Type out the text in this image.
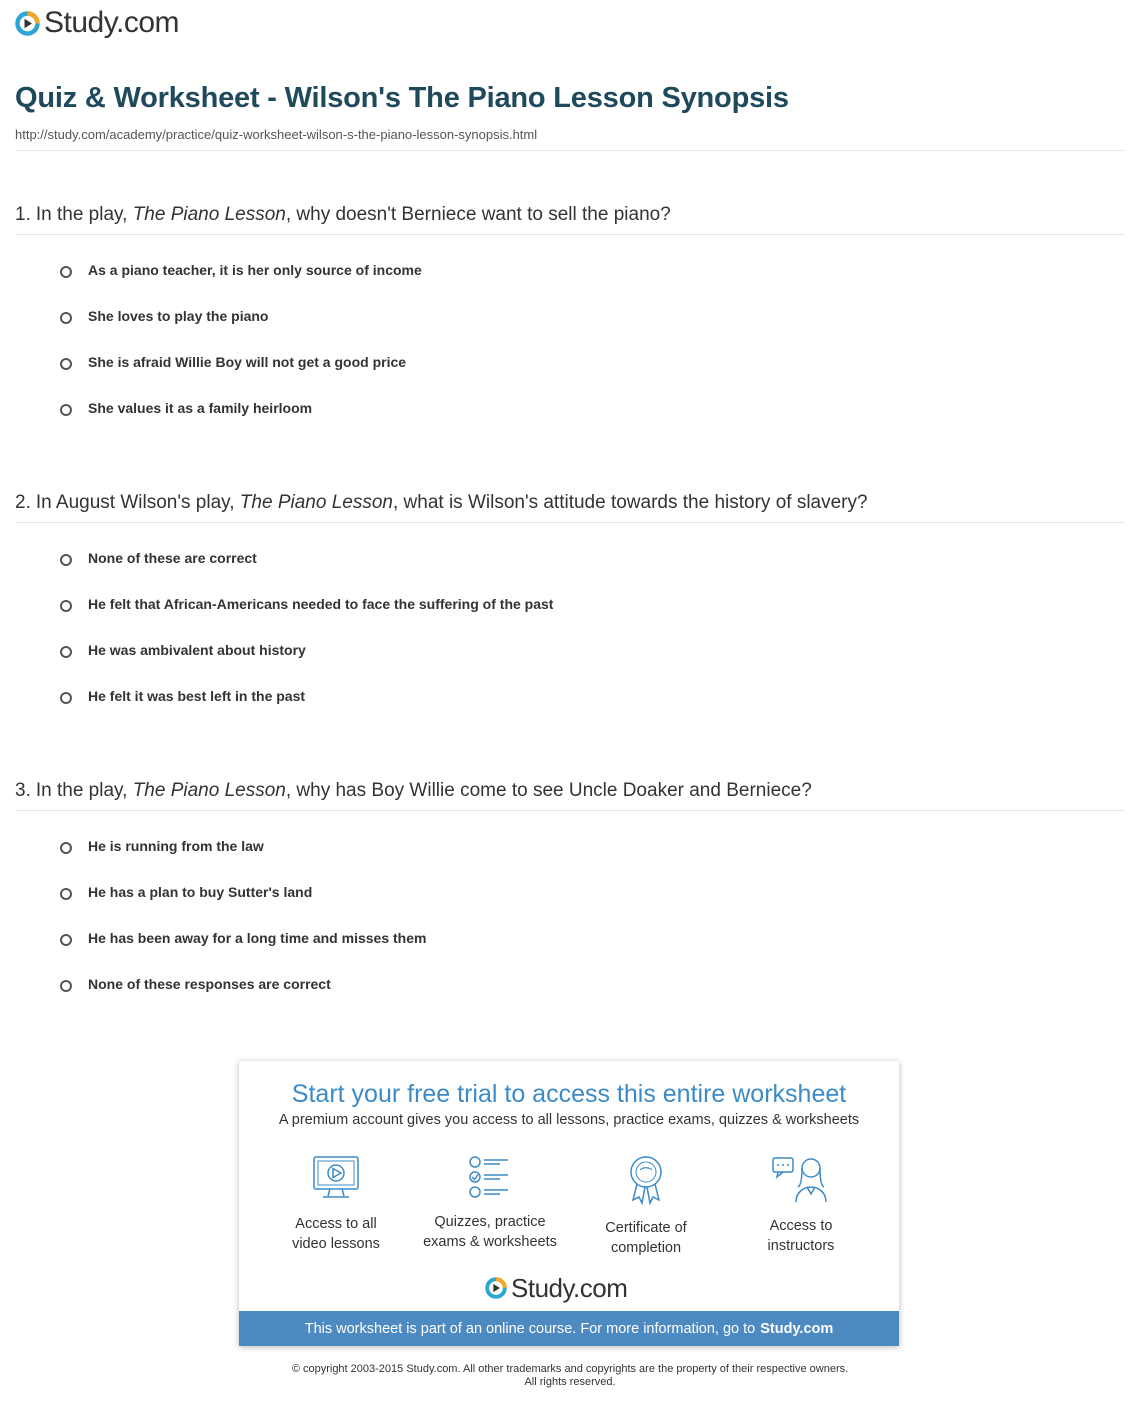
Study.com
Quiz & Worksheet - Wilson's The Piano Lesson Synopsis
http://study.com/academy/practice/quiz-worksheet-wilson-s-the-piano-lesson-synopsis.html
1. In the play, The Piano Lesson, why doesn't Berniece want to sell the piano?
As a piano teacher, it is her only source of income
She loves to play the piano
She is afraid Willie Boy will not get a good price
She values it as a family heirloom
2. In August Wilson's play, The Piano Lesson, what is Wilson's attitude towards the history of slavery?
None of these are correct
He felt that African-Americans needed to face the suffering of the past
He was ambivalent about history
He felt it was best left in the past
3. In the play, The Piano Lesson, why has Boy Willie come to see Uncle Doaker and Berniece?
He is running from the law
He has a plan to buy Sutter's land
He has been away for a long time and misses them
None of these responses are correct
Start your free trial to access this entire worksheet
A premium account gives you access to all lessons, practice exams, quizzes & worksheets
Access to all
video lessons
Quizzes, practice
exams & worksheets
Certificate of
completion
Access to
instructors
Study.com
This worksheet is part of an online course. For more information, go to Study.com
© copyright 2003-2015 Study.com. All other trademarks and copyrights are the property of their respective owners.
All rights reserved.
